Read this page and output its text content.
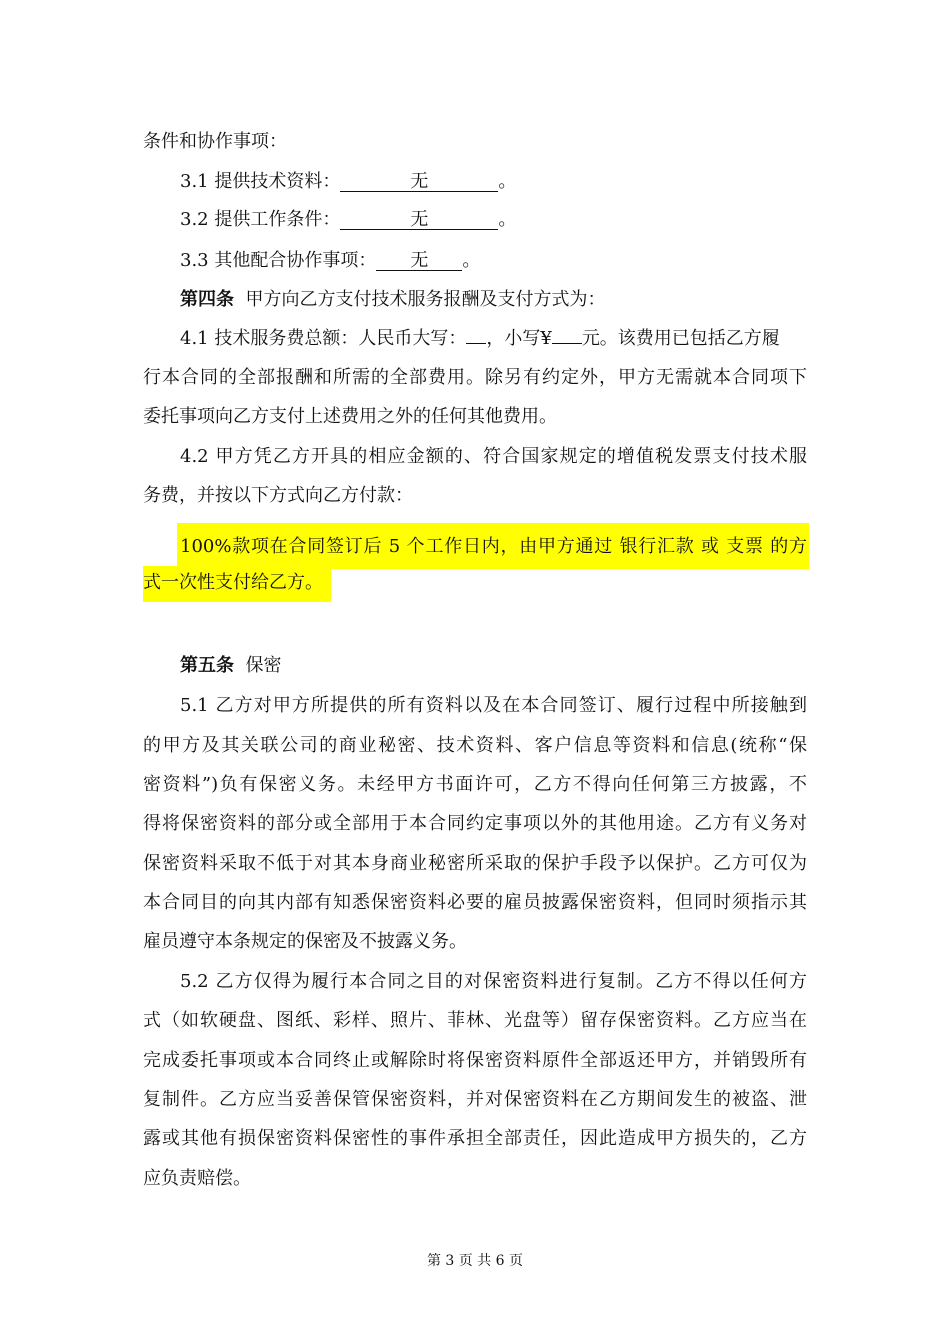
条件和协作事项：
3.1 提供技术资料：	无	。
3.2 提供工作条件：	无	。
3.3 其他配合协作事项： 无 。
第四条 甲方向乙方支付技术服务报酬及支付方式为：
4.1 技术服务费总额：人民币大写： ，小写¥ 元。该费用已包括乙方履
行本合同的全部报酬和所需的全部费用。除另有约定外，甲方无需就本合同项下
委托事项向乙方支付上述费用之外的任何其他费用。
4.2 甲方凭乙方开具的相应金额的、符合国家规定的增值税发票支付技术服
务费，并按以下方式向乙方付款：
100%款项在合同签订后 5 个工作日内，由甲方通过 银行汇款 或 支票 的方
式一次性支付给乙方。
第五条 保密
5.1 乙方对甲方所提供的所有资料以及在本合同签订、履行过程中所接触到
的甲方及其关联公司的商业秘密、技术资料、客户信息等资料和信息(统称“保
密资料”)负有保密义务。未经甲方书面许可，乙方不得向任何第三方披露，不
得将保密资料的部分或全部用于本合同约定事项以外的其他用途。乙方有义务对
保密资料采取不低于对其本身商业秘密所采取的保护手段予以保护。乙方可仅为
本合同目的向其内部有知悉保密资料必要的雇员披露保密资料，但同时须指示其
雇员遵守本条规定的保密及不披露义务。
5.2 乙方仅得为履行本合同之目的对保密资料进行复制。乙方不得以任何方
式（如软硬盘、图纸、彩样、照片、菲林、光盘等）留存保密资料。乙方应当在
完成委托事项或本合同终止或解除时将保密资料原件全部返还甲方，并销毁所有
复制件。乙方应当妥善保管保密资料，并对保密资料在乙方期间发生的被盗、泄
露或其他有损保密资料保密性的事件承担全部责任，因此造成甲方损失的，乙方
应负责赔偿。
第 3 页 共 6 页
